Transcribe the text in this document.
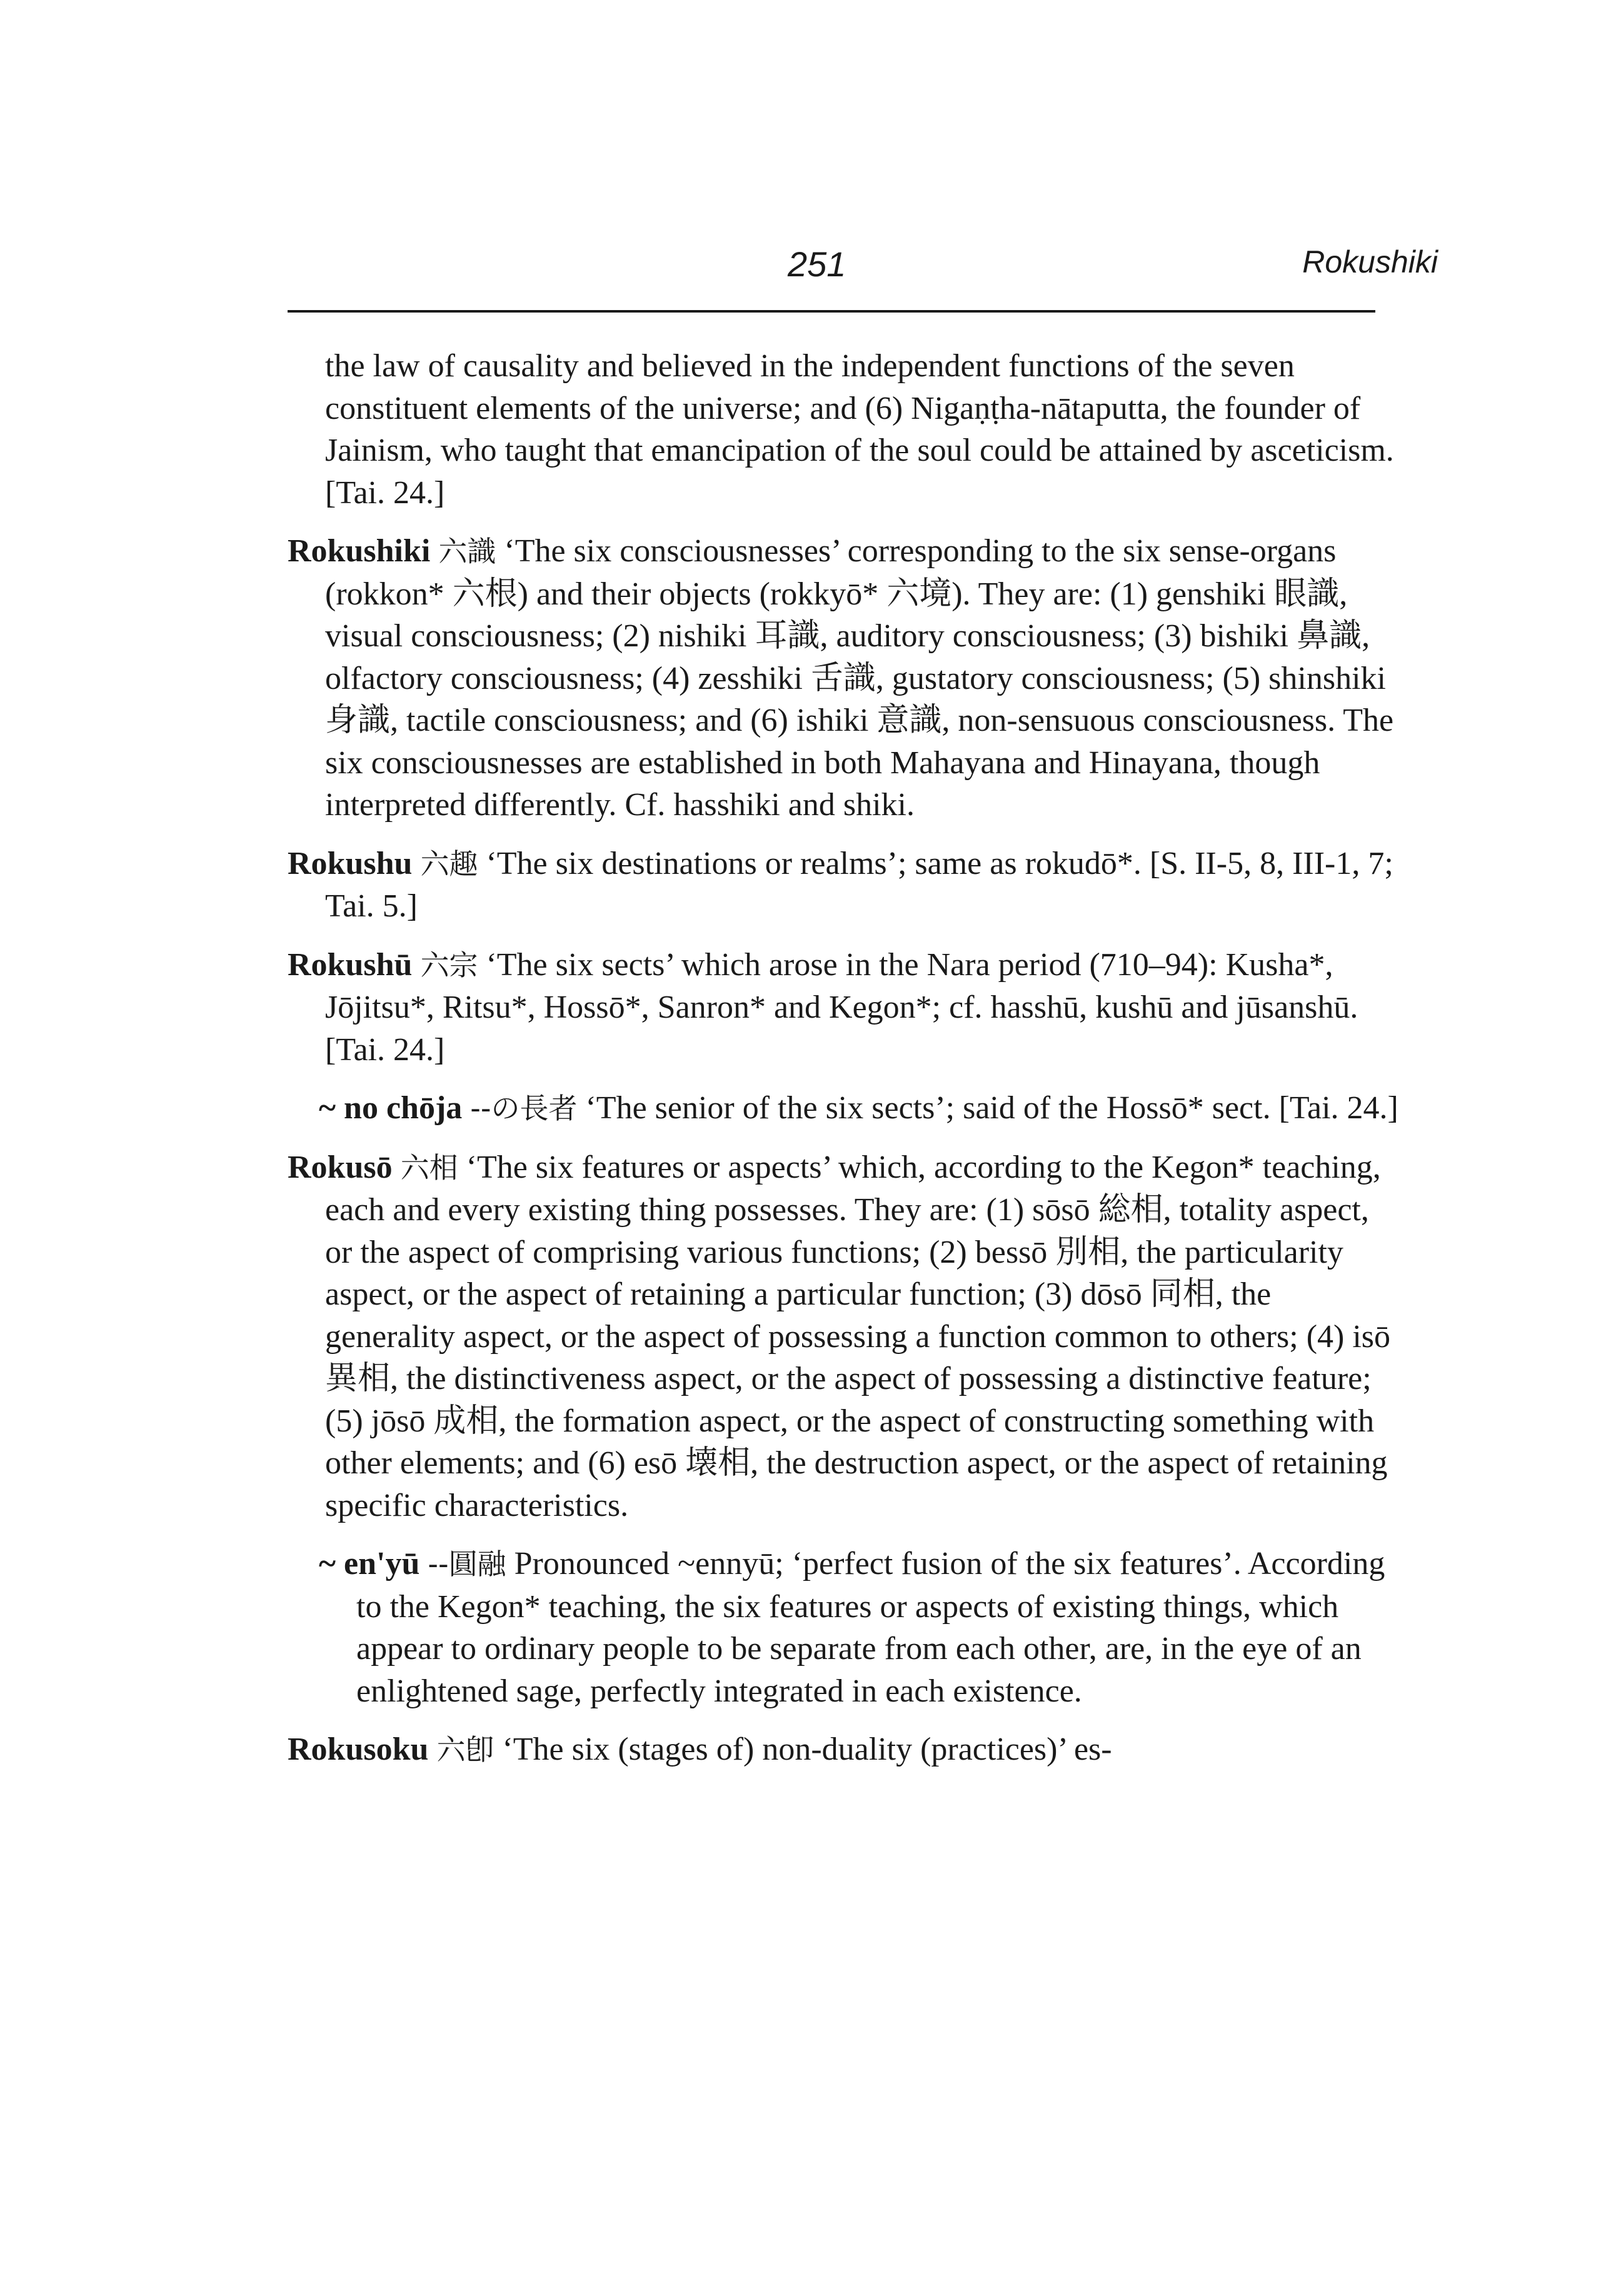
251	Rokushiki

the law of causality and believed in the independent functions of the seven constituent elements of the universe; and (6) Nigaṇṭha-nātaputta, the founder of Jainism, who taught that emancipation of the soul could be attained by asceticism. [Tai. 24.]

Rokushiki 六識 ‘The six consciousnesses’ corresponding to the six sense-organs (rokkon* 六根) and their objects (rokkyō* 六境). They are: (1) genshiki 眼識, visual consciousness; (2) nishiki 耳識, auditory consciousness; (3) bishiki 鼻識, olfactory consciousness; (4) zesshiki 舌識, gustatory consciousness; (5) shinshiki 身識, tactile consciousness; and (6) ishiki 意識, non-sensuous consciousness. The six consciousnesses are established in both Mahayana and Hinayana, though interpreted differently. Cf. hasshiki and shiki.

Rokushu 六趣 ‘The six destinations or realms’; same as rokudō*. [S. II-5, 8, III-1, 7; Tai. 5.]

Rokushū 六宗 ‘The six sects’ which arose in the Nara period (710–94): Kusha*, Jōjitsu*, Ritsu*, Hossō*, Sanron* and Kegon*; cf. hasshū, kushū and jūsanshū. [Tai. 24.]

~ no chōja --の長者 ‘The senior of the six sects’; said of the Hossō* sect. [Tai. 24.]

Rokusō 六相 ‘The six features or aspects’ which, according to the Kegon* teaching, each and every existing thing possesses. They are: (1) sōsō 総相, totality aspect, or the aspect of comprising various functions; (2) bessō 別相, the particularity aspect, or the aspect of retaining a particular function; (3) dōsō 同相, the generality aspect, or the aspect of possessing a function common to others; (4) isō 異相, the distinctiveness aspect, or the aspect of possessing a distinctive feature; (5) jōsō 成相, the formation aspect, or the aspect of constructing something with other elements; and (6) esō 壊相, the destruction aspect, or the aspect of retaining specific characteristics.

~ en'yū --圓融 Pronounced ~ennyū; ‘perfect fusion of the six features’. According to the Kegon* teaching, the six features or aspects of existing things, which appear to ordinary people to be separate from each other, are, in the eye of an enlightened sage, perfectly integrated in each existence.

Rokusoku 六卽 ‘The six (stages of) non-duality (practices)’ es-
